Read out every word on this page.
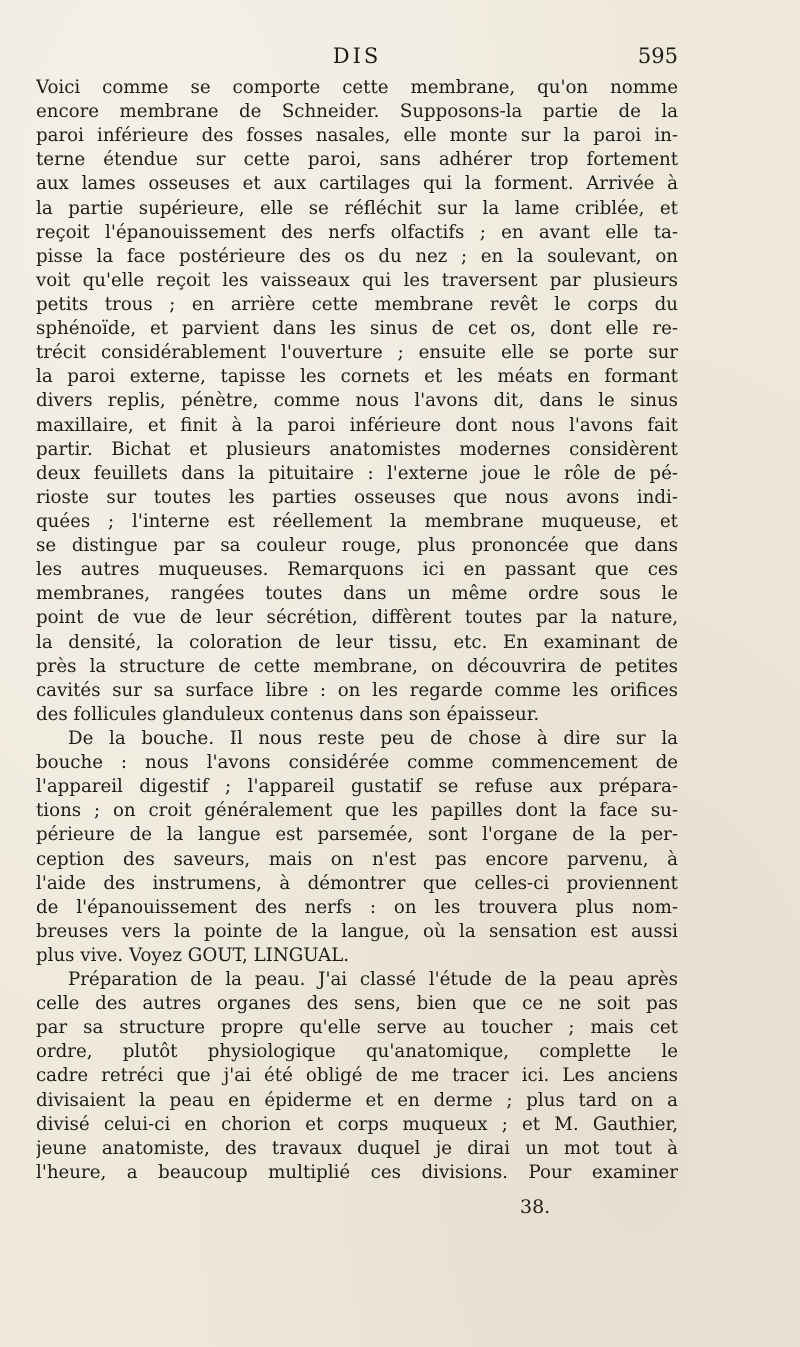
DIS	595
Voici comme se comporte cette membrane, qu'on nomme
encore membrane de Schneider. Supposons-la partie de la
paroi inférieure des fosses nasales, elle monte sur la paroi in-
terne étendue sur cette paroi, sans adhérer trop fortement
aux lames osseuses et aux cartilages qui la forment. Arrivée à
la partie supérieure, elle se réfléchit sur la lame criblée, et
reçoit l'épanouissement des nerfs olfactifs ; en avant elle ta-
pisse la face postérieure des os du nez ; en la soulevant, on
voit qu'elle reçoit les vaisseaux qui les traversent par plusieurs
petits trous ; en arrière cette membrane revêt le corps du
sphénoïde, et parvient dans les sinus de cet os, dont elle re-
trécit considérablement l'ouverture ; ensuite elle se porte sur
la paroi externe, tapisse les cornets et les méats en formant
divers replis, pénètre, comme nous l'avons dit, dans le sinus
maxillaire, et finit à la paroi inférieure dont nous l'avons fait
partir. Bichat et plusieurs anatomistes modernes considèrent
deux feuillets dans la pituitaire : l'externe joue le rôle de pé-
rioste sur toutes les parties osseuses que nous avons indi-
quées ; l'interne est réellement la membrane muqueuse, et
se distingue par sa couleur rouge, plus prononcée que dans
les autres muqueuses. Remarquons ici en passant que ces
membranes, rangées toutes dans un même ordre sous le
point de vue de leur sécrétion, diffèrent toutes par la nature,
la densité, la coloration de leur tissu, etc. En examinant de
près la structure de cette membrane, on découvrira de petites
cavités sur sa surface libre : on les regarde comme les orifices
des follicules glanduleux contenus dans son épaisseur.
De la bouche. Il nous reste peu de chose à dire sur la
bouche : nous l'avons considérée comme commencement de
l'appareil digestif ; l'appareil gustatif se refuse aux prépara-
tions ; on croit généralement que les papilles dont la face su-
périeure de la langue est parsemée, sont l'organe de la per-
ception des saveurs, mais on n'est pas encore parvenu, à
l'aide des instrumens, à démontrer que celles-ci proviennent
de l'épanouissement des nerfs : on les trouvera plus nom-
breuses vers la pointe de la langue, où la sensation est aussi
plus vive. Voyez GOUT, LINGUAL.
Préparation de la peau. J'ai classé l'étude de la peau après
celle des autres organes des sens, bien que ce ne soit pas
par sa structure propre qu'elle serve au toucher ; mais cet
ordre, plutôt physiologique qu'anatomique, complette le
cadre retréci que j'ai été obligé de me tracer ici. Les anciens
divisaient la peau en épiderme et en derme ; plus tard on a
divisé celui-ci en chorion et corps muqueux ; et M. Gauthier,
jeune anatomiste, des travaux duquel je dirai un mot tout à
l'heure, a beaucoup multiplié ces divisions. Pour examiner
38.
